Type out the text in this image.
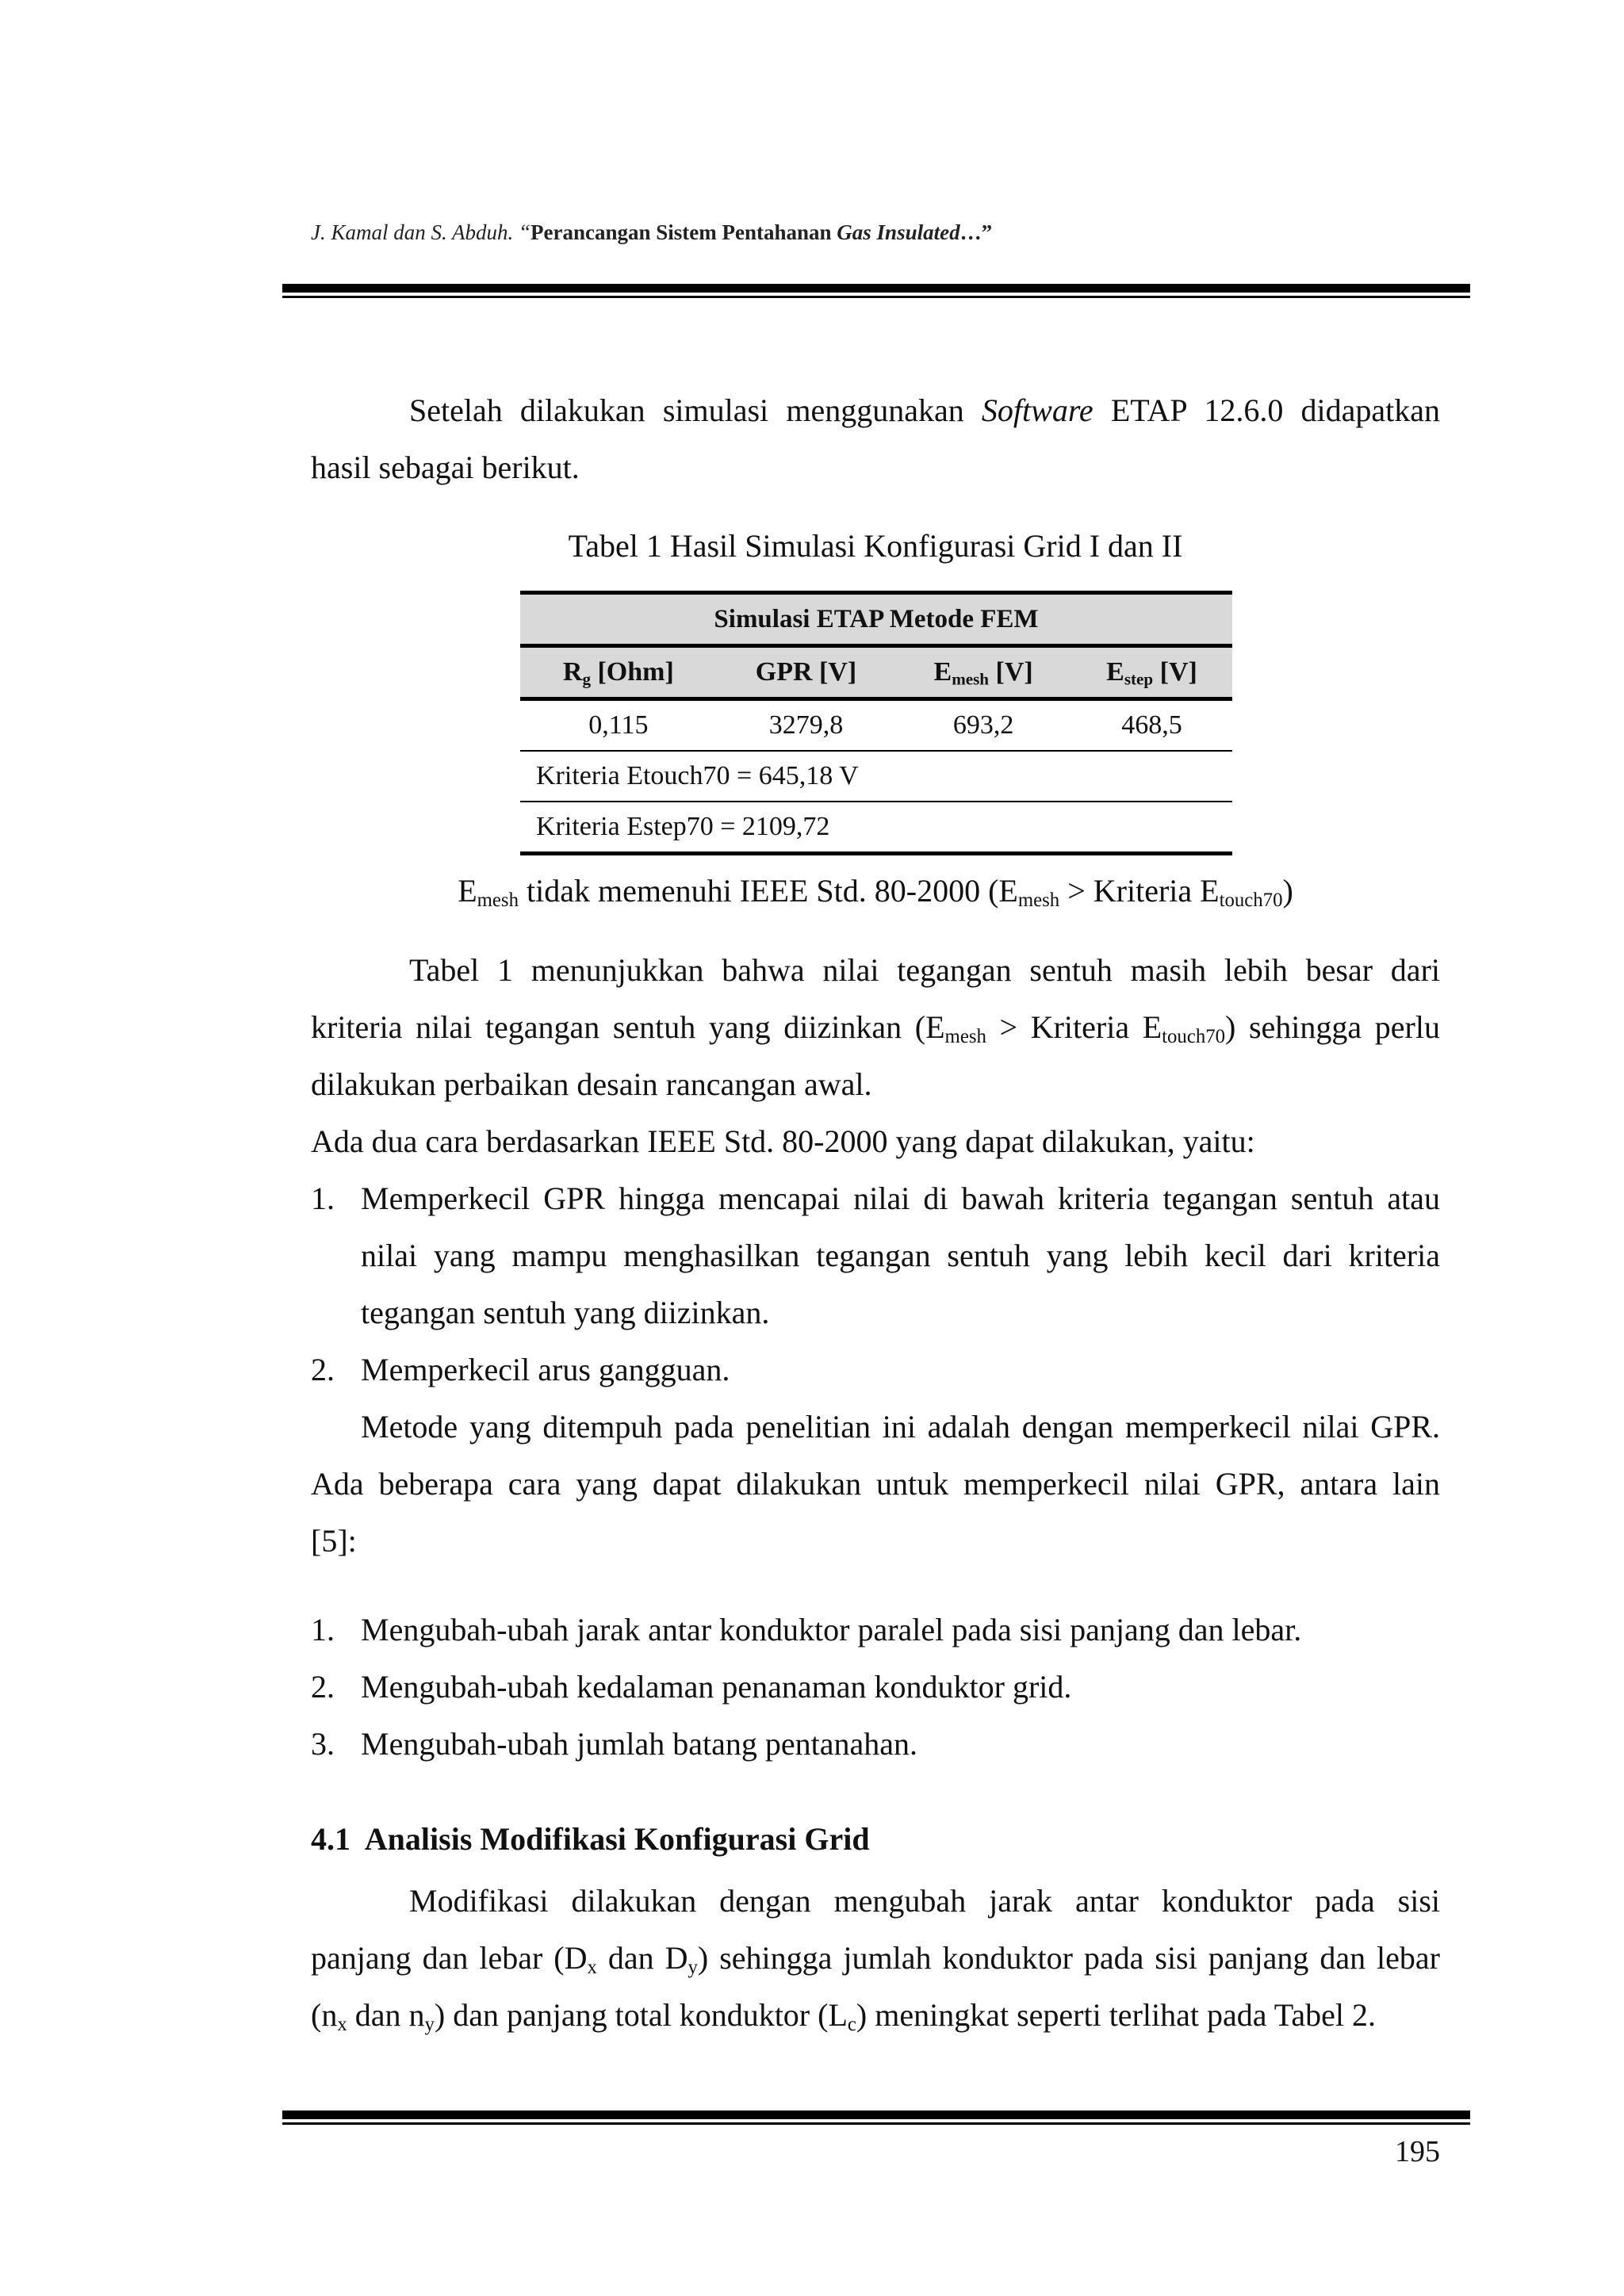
J. Kamal dan S. Abduh. “Perancangan Sistem Pentahanan Gas Insulated…”
Setelah dilakukan simulasi menggunakan Software ETAP 12.6.0 didapatkan
hasil sebagai berikut.
Tabel 1 Hasil Simulasi Konfigurasi Grid I dan II
Simulasi ETAP Metode FEM			
$R_g$ [Ohm]	GPR [V]	$E_{mesh}$ [V]	$E_{step}$ [V]
0,115	3279,8	693,2	468,5
Kriteria Etouch70 = 645,18 V			
Kriteria Estep70 = 2109,72			
$E_{mesh}$ tidak memenuhi IEEE Std. 80-2000 ($E_{mesh}$ > Kriteria $E_{touch70}$)
Tabel 1 menunjukkan bahwa nilai tegangan sentuh masih lebih besar dari
kriteria nilai tegangan sentuh yang diizinkan ($E_{mesh}$ > Kriteria $E_{touch70}$) sehingga perlu
dilakukan perbaikan desain rancangan awal.
Ada dua cara berdasarkan IEEE Std. 80-2000 yang dapat dilakukan, yaitu:
1. Memperkecil GPR hingga mencapai nilai di bawah kriteria tegangan sentuh atau
nilai yang mampu menghasilkan tegangan sentuh yang lebih kecil dari kriteria
tegangan sentuh yang diizinkan.
2. Memperkecil arus gangguan.
Metode yang ditempuh pada penelitian ini adalah dengan memperkecil nilai GPR.
Ada beberapa cara yang dapat dilakukan untuk memperkecil nilai GPR, antara lain
[5]:
1. Mengubah-ubah jarak antar konduktor paralel pada sisi panjang dan lebar.
2. Mengubah-ubah kedalaman penanaman konduktor grid.
3. Mengubah-ubah jumlah batang pentanahan.
4.1  Analisis Modifikasi Konfigurasi Grid
Modifikasi dilakukan dengan mengubah jarak antar konduktor pada sisi
panjang dan lebar ($D_x$ dan $D_y$) sehingga jumlah konduktor pada sisi panjang dan lebar
($n_x$ dan $n_y$) dan panjang total konduktor $(L_c)$ meningkat seperti terlihat pada Tabel 2.
195
